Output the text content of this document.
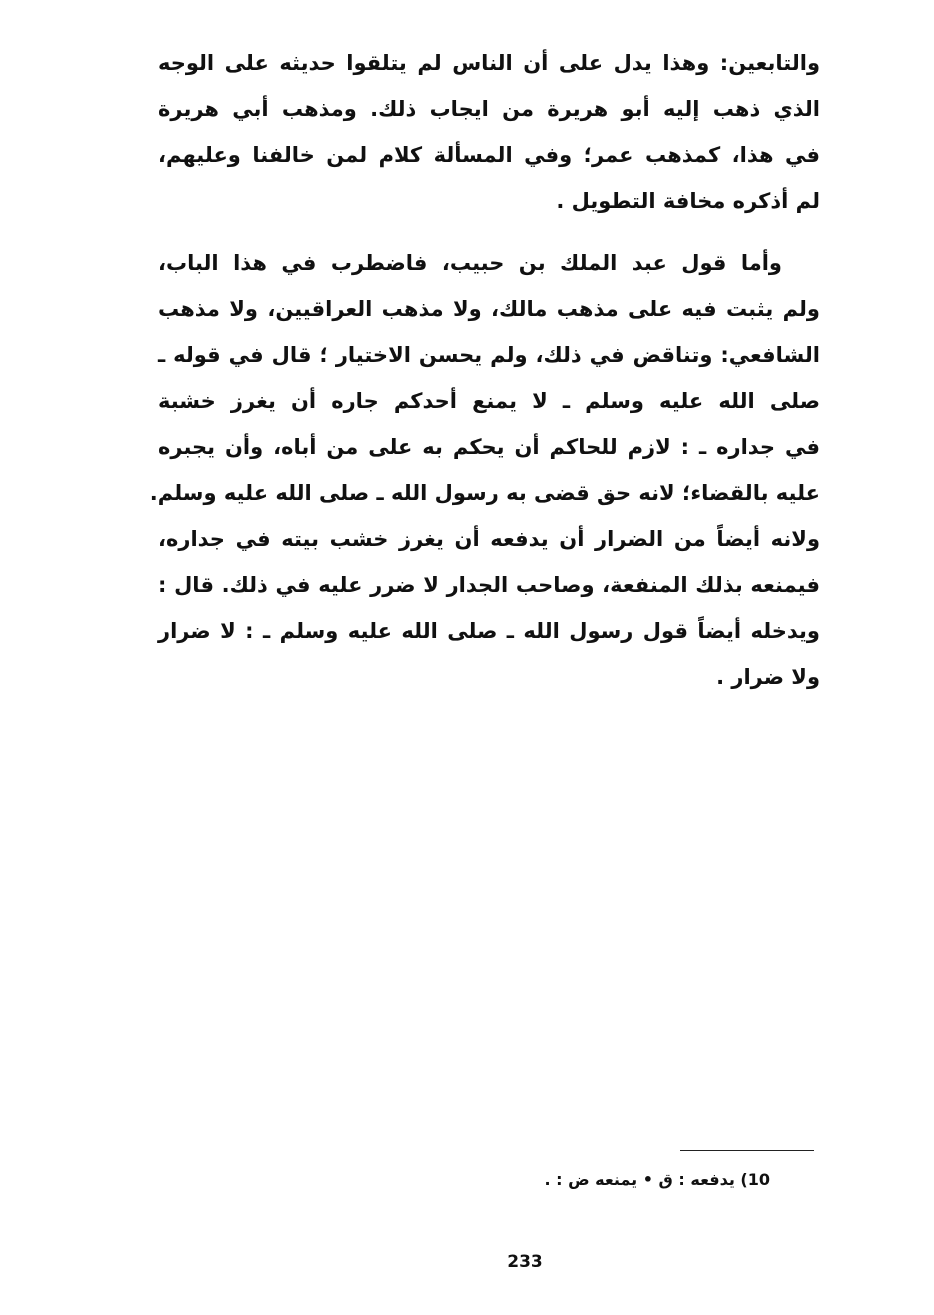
والتابعين: وهذا يدل على أن الناس لم يتلقوا حديثه على الوجه
الذي ذهب إليه أبو هريرة من ايجاب ذلك. ومذهب أبي هريرة
في هذا، كمذهب عمر؛ وفي المسألة كلام لمن خالفنا وعليهم،
لم أذكره مخافة التطويل .
وأما قول عبد الملك بن حبيب، فاضطرب في هذا الباب،
ولم يثبت فيه على مذهب مالك، ولا مذهب العراقيين، ولا مذهب
الشافعي: وتناقض في ذلك، ولم يحسن الاختيار ؛ قال في قوله ـ
صلى الله عليه وسلم ـ لا يمنع أحدكم جاره أن يغرز خشبة
في جداره ـ : لازم للحاكم أن يحكم به على من أباه، وأن يجبره
عليه بالقضاء؛ لانه حق قضى به رسول الله ـ صلى الله عليه وسلم.
ولانه أيضاً من الضرار أن يدفعه أن يغرز خشب بيته في جداره،
فيمنعه بذلك المنفعة، وصاحب الجدار لا ضرر عليه في ذلك. قال :
ويدخله أيضاً قول رسول الله ـ صلى الله عليه وسلم ـ : لا ضرار
ولا ضرار .
10) يدفعه : ق • يمنعه ض : .
233
